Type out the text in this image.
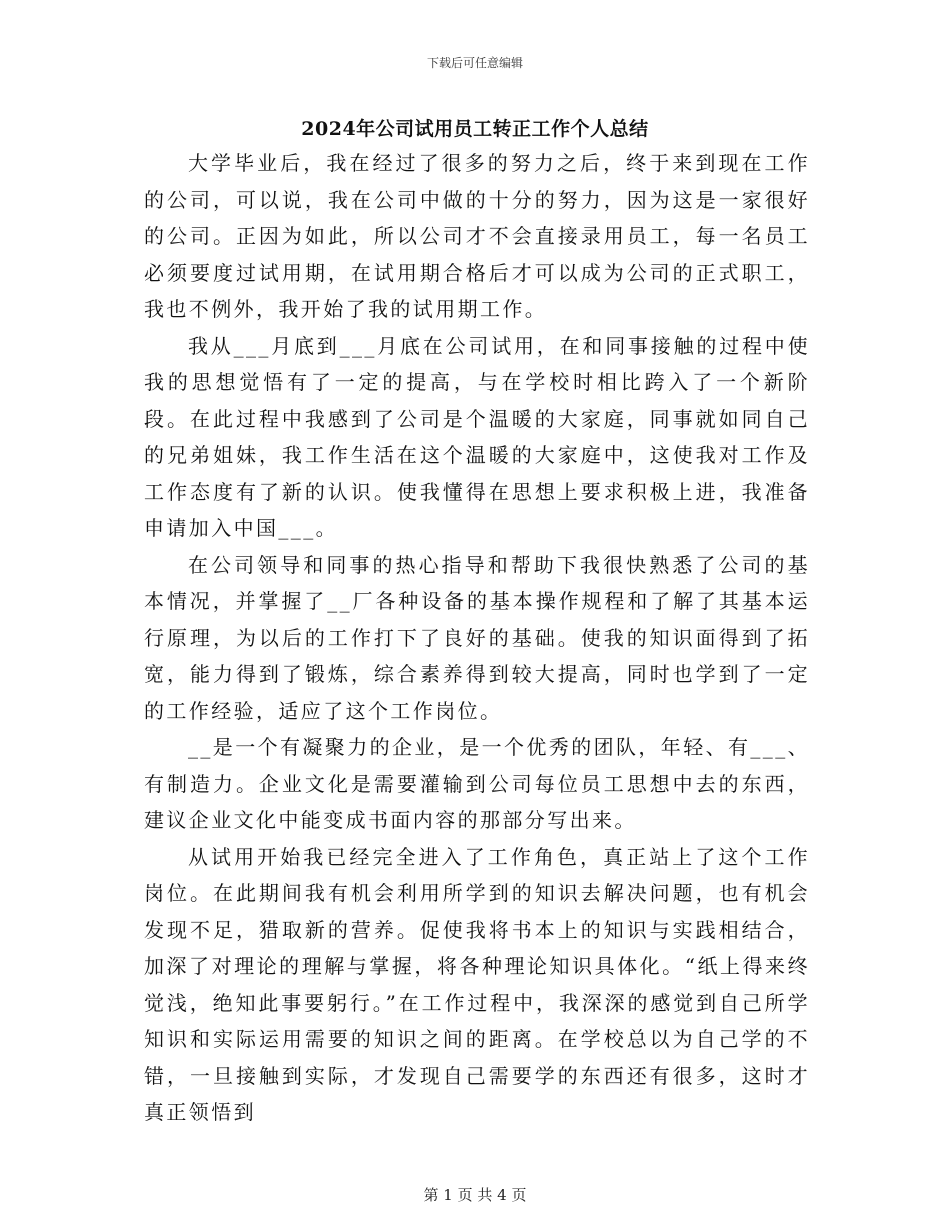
下载后可任意编辑
2024年公司试用员工转正工作个人总结

大学毕业后，我在经过了很多的努力之后，终于来到现在工作的公司，可以说，我在公司中做的十分的努力，因为这是一家很好的公司。正因为如此，所以公司才不会直接录用员工，每一名员工必须要度过试用期，在试用期合格后才可以成为公司的正式职工，我也不例外，我开始了我的试用期工作。

我从___月底到___月底在公司试用，在和同事接触的过程中使我的思想觉悟有了一定的提高，与在学校时相比跨入了一个新阶段。在此过程中我感到了公司是个温暖的大家庭，同事就如同自己的兄弟姐妹，我工作生活在这个温暖的大家庭中，这使我对工作及工作态度有了新的认识。使我懂得在思想上要求积极上进，我准备申请加入中国___。

在公司领导和同事的热心指导和帮助下我很快熟悉了公司的基本情况，并掌握了__厂各种设备的基本操作规程和了解了其基本运行原理，为以后的工作打下了良好的基础。使我的知识面得到了拓宽，能力得到了锻炼，综合素养得到较大提高，同时也学到了一定的工作经验，适应了这个工作岗位。

__是一个有凝聚力的企业，是一个优秀的团队，年轻、有___、有制造力。企业文化是需要灌输到公司每位员工思想中去的东西，建议企业文化中能变成书面内容的那部分写出来。

从试用开始我已经完全进入了工作角色，真正站上了这个工作岗位。在此期间我有机会利用所学到的知识去解决问题，也有机会发现不足，猎取新的营养。促使我将书本上的知识与实践相结合，加深了对理论的理解与掌握，将各种理论知识具体化。“纸上得来终觉浅，绝知此事要躬行。”在工作过程中，我深深的感觉到自己所学知识和实际运用需要的知识之间的距离。在学校总以为自己学的不错，一旦接触到实际，才发现自己需要学的东西还有很多，这时才真正领悟到

第 1 页 共 4 页
